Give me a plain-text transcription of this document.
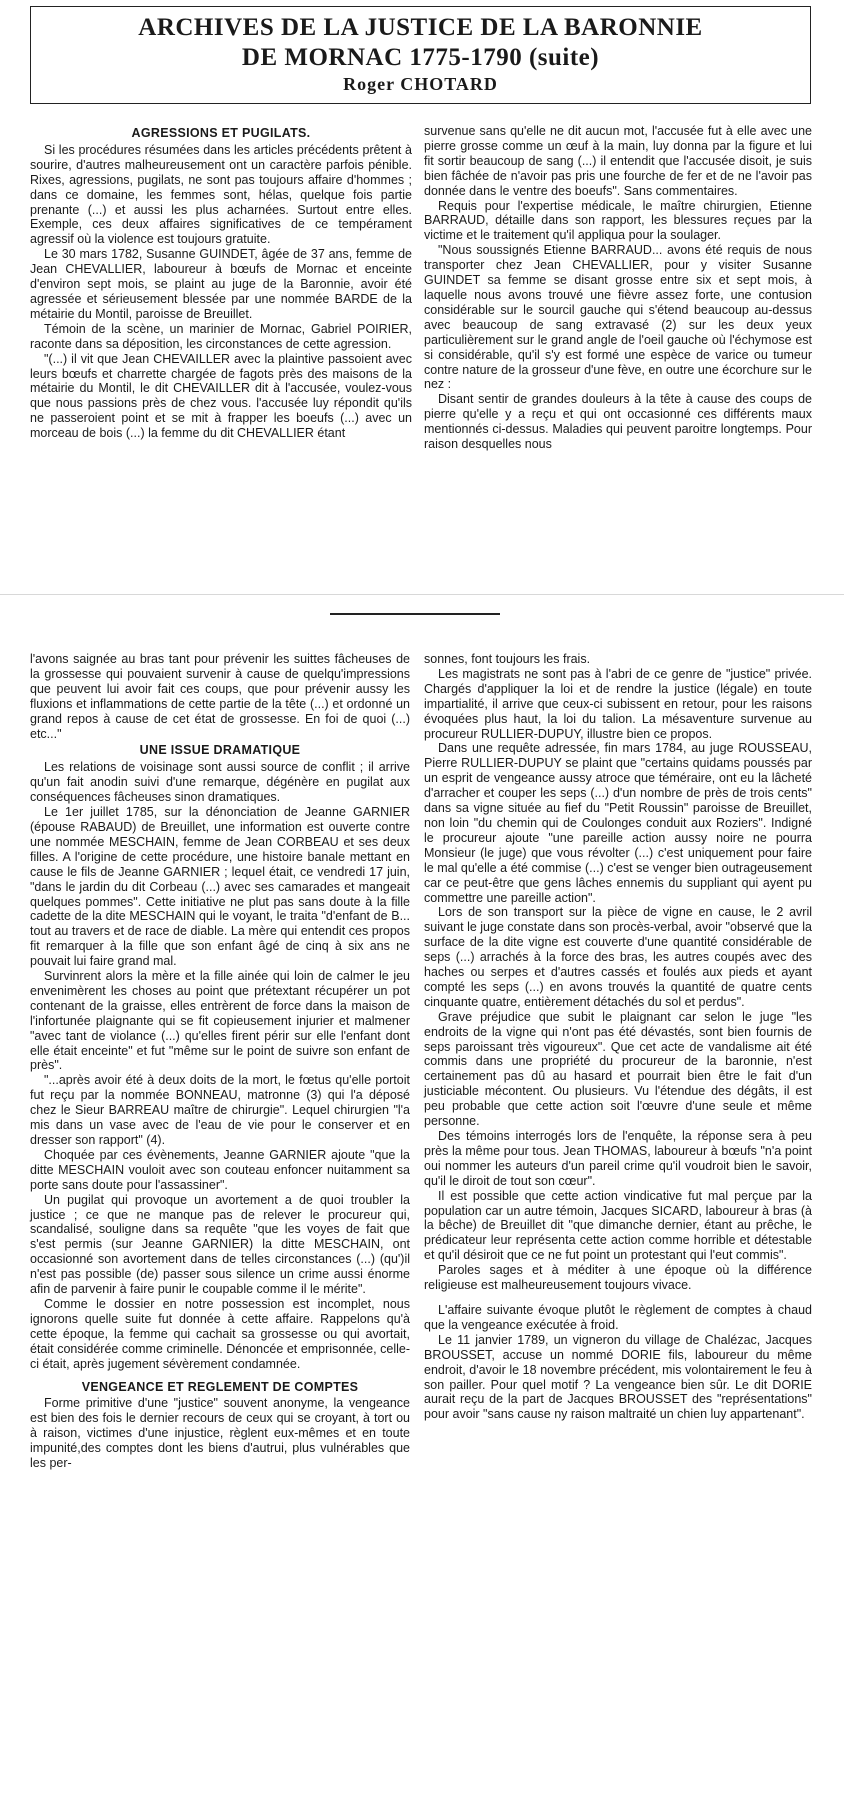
ARCHIVES DE LA JUSTICE DE LA BARONNIE
DE MORNAC 1775-1790 (suite)
Roger CHOTARD
AGRESSIONS ET PUGILATS.

Si les procédures résumées dans les articles précédents prêtent à sourire, d'autres malheureusement ont un caractère parfois pénible. Rixes, agressions, pugilats, ne sont pas toujours affaire d'hommes ; dans ce domaine, les femmes sont, hélas, quelque fois partie prenante (...) et aussi les plus acharnées. Surtout entre elles. Exemple, ces deux affaires significatives de ce tempérament agressif où la violence est toujours gratuite.

Le 30 mars 1782, Susanne GUINDET, âgée de 37 ans, femme de Jean CHEVALLIER, laboureur à bœufs de Mornac et enceinte d'environ sept mois, se plaint au juge de la Baronnie, avoir été agressée et sérieusement blessée par une nommée BARDE de la métairie du Montil, paroisse de Breuillet.

Témoin de la scène, un marinier de Mornac, Gabriel POIRIER, raconte dans sa déposition, les circonstances de cette agression.

"(...) il vit que Jean CHEVAILLER avec la plaintive passoient avec leurs bœufs et charrette chargée de fagots près des maisons de la métairie du Montil, le dit CHEVAILLER dit à l'accusée, voulez-vous que nous passions près de chez vous. l'accusée luy répondit qu'ils ne passeroient point et se mit à frapper les boeufs (...) avec un morceau de bois (...) la femme du dit CHEVALLIER étant

survenue sans qu'elle ne dit aucun mot, l'accusée fut à elle avec une pierre grosse comme un œuf à la main, luy donna par la figure et lui fit sortir beaucoup de sang (...) il entendit que l'accusée disoit, je suis bien fâchée de n'avoir pas pris une fourche de fer et de ne l'avoir pas donnée dans le ventre des boeufs". Sans commentaires.

Requis pour l'expertise médicale, le maître chirurgien, Etienne BARRAUD, détaille dans son rapport, les blessures reçues par la victime et le traitement qu'il appliqua pour la soulager.

"Nous soussignés Etienne BARRAUD... avons été requis de nous transporter chez Jean CHEVALLIER, pour y visiter Susanne GUINDET sa femme se disant grosse entre six et sept mois, à laquelle nous avons trouvé une fièvre assez forte, une contusion considérable sur le sourcil gauche qui s'étend beaucoup au-dessus avec beaucoup de sang extravasé (2) sur les deux yeux particulièrement sur le grand angle de l'oeil gauche où l'échymose est si considérable, qu'il s'y est formé une espèce de varice ou tumeur contre nature de la grosseur d'une fève, en outre une écorchure sur le nez :

Disant sentir de grandes douleurs à la tête à cause des coups de pierre qu'elle y a reçu et qui ont occasionné ces différents maux mentionnés ci-dessus. Maladies qui peuvent paroitre longtemps. Pour raison desquelles nous

l'avons saignée au bras tant pour prévenir les suittes fâcheuses de la grossesse qui pouvaient survenir à cause de quelqu'impressions que peuvent lui avoir fait ces coups, que pour prévenir aussy les fluxions et inflammations de cette partie de la tête (...) et ordonné un grand repos à cause de cet état de grossesse. En foi de quoi (...) etc..."

UNE ISSUE DRAMATIQUE

Les relations de voisinage sont aussi source de conflit ; il arrive qu'un fait anodin suivi d'une remarque, dégénère en pugilat aux conséquences fâcheuses sinon dramatiques.

Le 1er juillet 1785, sur la dénonciation de Jeanne GARNIER (épouse RABAUD) de Breuillet, une information est ouverte contre une nommée MESCHAIN, femme de Jean CORBEAU et ses deux filles. A l'origine de cette procédure, une histoire banale mettant en cause le fils de Jeanne GARNIER ; lequel était, ce vendredi 17 juin, "dans le jardin du dit Corbeau (...) avec ses camarades et mangeait quelques pommes". Cette initiative ne plut pas sans doute à la fille cadette de la dite MESCHAIN qui le voyant, le traita "d'enfant de B... tout au travers et de race de diable. La mère qui entendit ces propos fit remarquer à la fille que son enfant âgé de cinq à six ans ne pouvait lui faire grand mal.

Survinrent alors la mère et la fille ainée qui loin de calmer le jeu envenimèrent les choses au point que prétextant récupérer un pot contenant de la graisse, elles entrèrent de force dans la maison de l'infortunée plaignante qui se fit copieusement injurier et malmener "avec tant de violance (...) qu'elles firent périr sur elle l'enfant dont elle était enceinte" et fut "même sur le point de suivre son enfant de près".

"...après avoir été à deux doits de la mort, le fœtus qu'elle portoit fut reçu par la nommée BONNEAU, matronne (3) qui l'a déposé chez le Sieur BARREAU maître de chirurgie". Lequel chirurgien "l'a mis dans un vase avec de l'eau de vie pour le conserver et en dresser son rapport" (4).

Choquée par ces évènements, Jeanne GARNIER ajoute "que la ditte MESCHAIN vouloit avec son couteau enfoncer nuitamment sa porte sans doute pour l'assassiner".

Un pugilat qui provoque un avortement a de quoi troubler la justice ; ce que ne manque pas de relever le procureur qui, scandalisé, souligne dans sa requête "que les voyes de fait que s'est permis (sur Jeanne GARNIER) la ditte MESCHAIN, ont occasionné son avortement dans de telles circonstances (...) (qu')il n'est pas possible (de) passer sous silence un crime aussi énorme afin de parvenir à faire punir le coupable comme il le mérite".

Comme le dossier en notre possession est incomplet, nous ignorons quelle suite fut donnée à cette affaire. Rappelons qu'à cette époque, la femme qui cachait sa grossesse ou qui avortait, était considérée comme criminelle. Dénoncée et emprisonnée, celle-ci était, après jugement sévèrement condamnée.

VENGEANCE ET REGLEMENT DE COMPTES

Forme primitive d'une "justice" souvent anonyme, la vengeance est bien des fois le dernier recours de ceux qui se croyant, à tort ou à raison, victimes d'une injustice, règlent eux-mêmes et en toute impunité,des comptes dont les biens d'autrui, plus vulnérables que les per-

sonnes, font toujours les frais.

Les magistrats ne sont pas à l'abri de ce genre de "justice" privée. Chargés d'appliquer la loi et de rendre la justice (légale) en toute impartialité, il arrive que ceux-ci subissent en retour, pour les raisons évoquées plus haut, la loi du talion. La mésaventure survenue au procureur RULLIER-DUPUY, illustre bien ce propos.

Dans une requête adressée, fin mars 1784, au juge ROUSSEAU, Pierre RULLIER-DUPUY se plaint que "certains quidams poussés par un esprit de vengeance aussy atroce que téméraire, ont eu la lâcheté d'arracher et couper les seps (...) d'un nombre de près de trois cents" dans sa vigne située au fief du "Petit Roussin" paroisse de Breuillet, non loin "du chemin qui de Coulonges conduit aux Roziers". Indigné le procureur ajoute "une pareille action aussy noire ne pourra Monsieur (le juge) que vous révolter (...) c'est uniquement pour faire le mal qu'elle a été commise (...) c'est se venger bien outrageusement car ce peut-être que gens lâches ennemis du suppliant qui ayent pu commettre une pareille action".

Lors de son transport sur la pièce de vigne en cause, le 2 avril suivant le juge constate dans son procès-verbal, avoir "observé que la surface de la dite vigne est couverte d'une quantité considérable de seps (...) arrachés à la force des bras, les autres coupés avec des haches ou serpes et d'autres cassés et foulés aux pieds et ayant compté les seps (...) en avons trouvés la quantité de quatre cents cinquante quatre, entièrement détachés du sol et perdus".

Grave préjudice que subit le plaignant car selon le juge "les endroits de la vigne qui n'ont pas été dévastés, sont bien fournis de seps paroissant très vigoureux". Que cet acte de vandalisme ait été commis dans une propriété du procureur de la baronnie, n'est certainement pas dû au hasard et pourrait bien être le fait d'un justiciable mécontent. Ou plusieurs. Vu l'étendue des dégâts, il est peu probable que cette action soit l'œuvre d'une seule et même personne.

Des témoins interrogés lors de l'enquête, la réponse sera à peu près la même pour tous. Jean THOMAS, laboureur à bœufs "n'a point oui nommer les auteurs d'un pareil crime qu'il voudroit bien le savoir, qu'il le diroit de tout son cœur".

Il est possible que cette action vindicative fut mal perçue par la population car un autre témoin, Jacques SICARD, laboureur à bras (à la bêche) de Breuillet dit "que dimanche dernier, étant au prêche, le prédicateur leur représenta cette action comme horrible et détestable et qu'il désiroit que ce ne fut point un protestant qui l'eut commis".

Paroles sages et à méditer à une époque où la différence religieuse est malheureusement toujours vivace.

L'affaire suivante évoque plutôt le règlement de comptes à chaud que la vengeance exécutée à froid.

Le 11 janvier 1789, un vigneron du village de Chalézac, Jacques BROUSSET, accuse un nommé DORIE fils, laboureur du même endroit, d'avoir le 18 novembre précédent, mis volontairement le feu à son pailler. Pour quel motif ? La vengeance bien sûr. Le dit DORIE aurait reçu de la part de Jacques BROUSSET des "représentations" pour avoir "sans cause ny raison maltraité un chien luy appartenant".
